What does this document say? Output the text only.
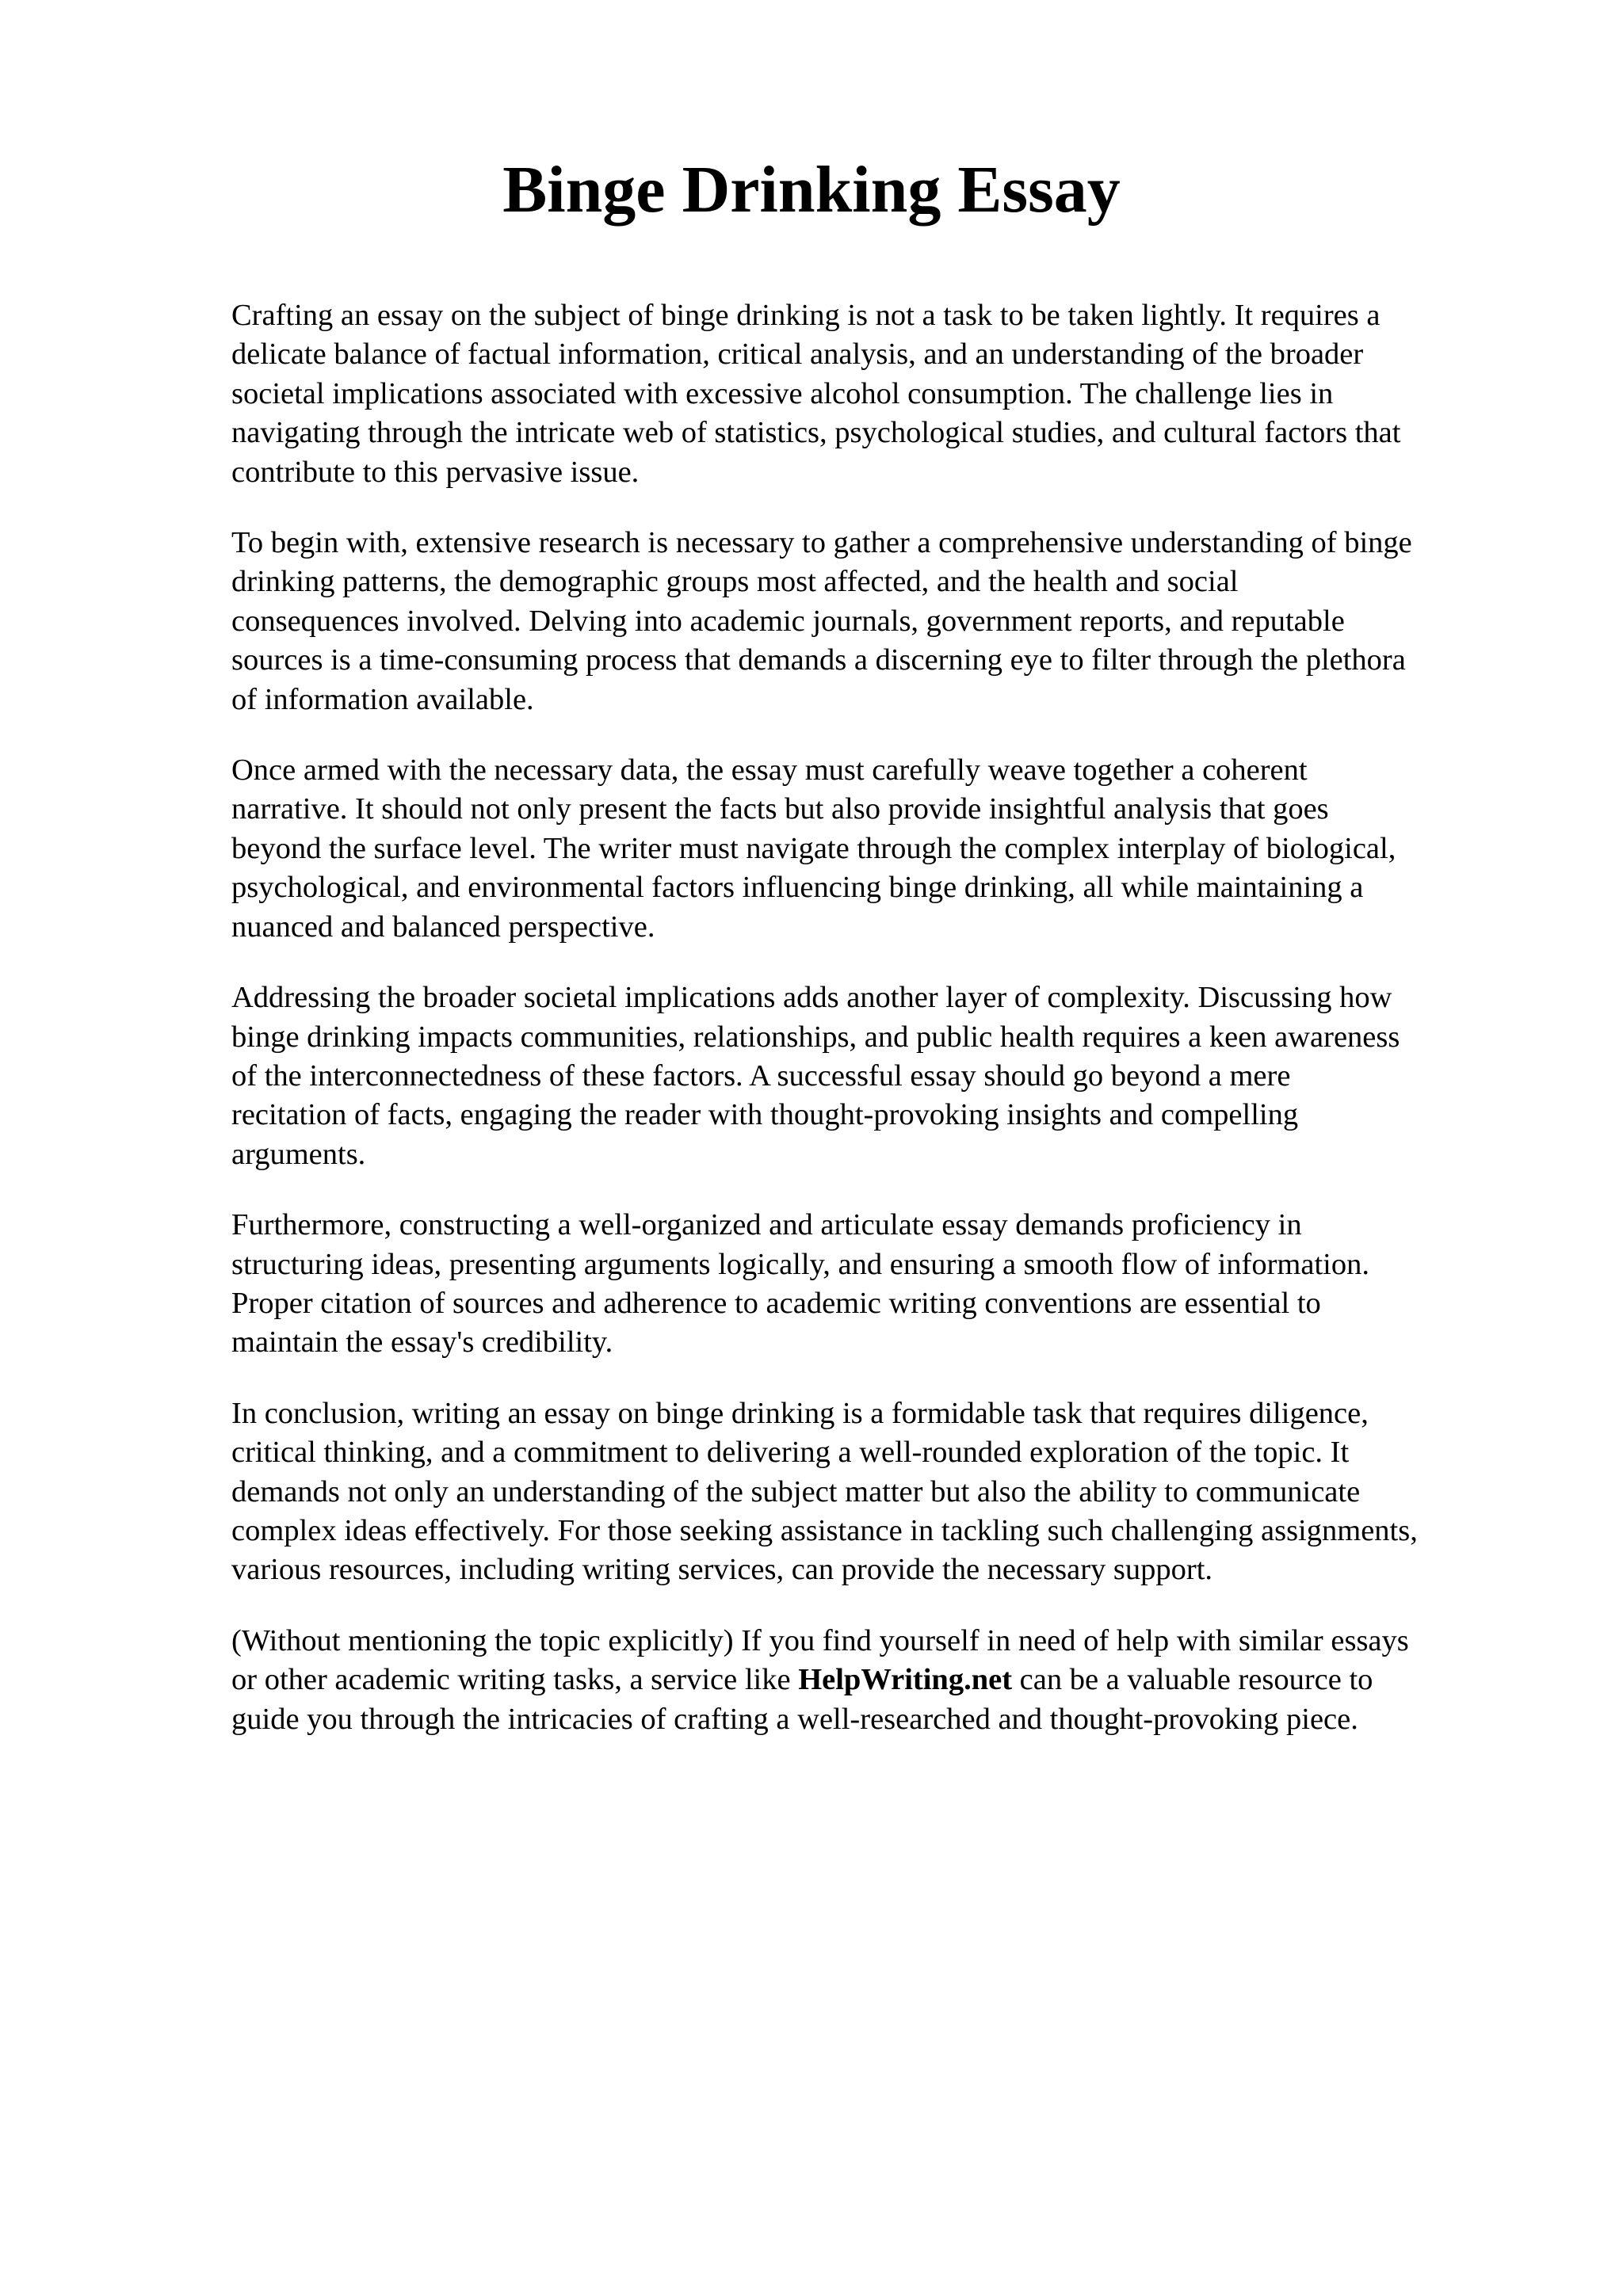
Binge Drinking Essay

Crafting an essay on the subject of binge drinking is not a task to be taken lightly. It requires a
delicate balance of factual information, critical analysis, and an understanding of the broader
societal implications associated with excessive alcohol consumption. The challenge lies in
navigating through the intricate web of statistics, psychological studies, and cultural factors that
contribute to this pervasive issue.

To begin with, extensive research is necessary to gather a comprehensive understanding of binge
drinking patterns, the demographic groups most affected, and the health and social
consequences involved. Delving into academic journals, government reports, and reputable
sources is a time-consuming process that demands a discerning eye to filter through the plethora
of information available.

Once armed with the necessary data, the essay must carefully weave together a coherent
narrative. It should not only present the facts but also provide insightful analysis that goes
beyond the surface level. The writer must navigate through the complex interplay of biological,
psychological, and environmental factors influencing binge drinking, all while maintaining a
nuanced and balanced perspective.

Addressing the broader societal implications adds another layer of complexity. Discussing how
binge drinking impacts communities, relationships, and public health requires a keen awareness
of the interconnectedness of these factors. A successful essay should go beyond a mere
recitation of facts, engaging the reader with thought-provoking insights and compelling
arguments.

Furthermore, constructing a well-organized and articulate essay demands proficiency in
structuring ideas, presenting arguments logically, and ensuring a smooth flow of information.
Proper citation of sources and adherence to academic writing conventions are essential to
maintain the essay's credibility.

In conclusion, writing an essay on binge drinking is a formidable task that requires diligence,
critical thinking, and a commitment to delivering a well-rounded exploration of the topic. It
demands not only an understanding of the subject matter but also the ability to communicate
complex ideas effectively. For those seeking assistance in tackling such challenging assignments,
various resources, including writing services, can provide the necessary support.

(Without mentioning the topic explicitly) If you find yourself in need of help with similar essays
or other academic writing tasks, a service like HelpWriting.net can be a valuable resource to
guide you through the intricacies of crafting a well-researched and thought-provoking piece.
